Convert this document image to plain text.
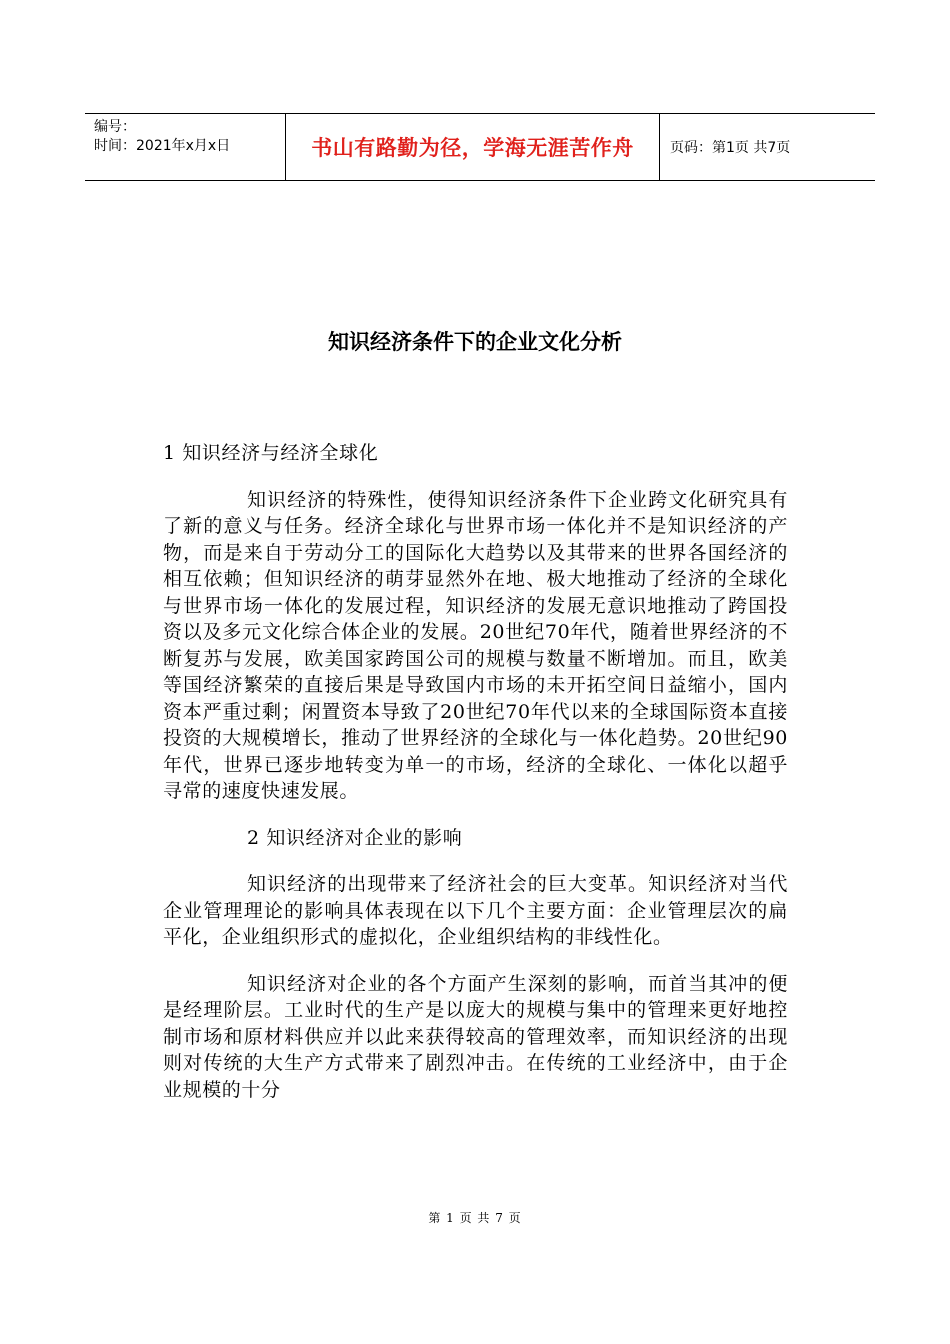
编号：
时间：2021年x月x日	书山有路勤为径，学海无涯苦作舟	页码：第1页 共7页
知识经济条件下的企业文化分析

1 知识经济与经济全球化

知识经济的特殊性，使得知识经济条件下企业跨文化研究具有了新的意义与任务。经济全球化与世界市场一体化并不是知识经济的产物，而是来自于劳动分工的国际化大趋势以及其带来的世界各国经济的相互依赖；但知识经济的萌芽显然外在地、极大地推动了经济的全球化与世界市场一体化的发展过程，知识经济的发展无意识地推动了跨国投资以及多元文化综合体企业的发展。20世纪70年代，随着世界经济的不断复苏与发展，欧美国家跨国公司的规模与数量不断增加。而且，欧美等国经济繁荣的直接后果是导致国内市场的未开拓空间日益缩小，国内资本严重过剩；闲置资本导致了20世纪70年代以来的全球国际资本直接投资的大规模增长，推动了世界经济的全球化与一体化趋势。20世纪90年代，世界已逐步地转变为单一的市场，经济的全球化、一体化以超乎寻常的速度快速发展。

2 知识经济对企业的影响

知识经济的出现带来了经济社会的巨大变革。知识经济对当代企业管理理论的影响具体表现在以下几个主要方面：企业管理层次的扁平化，企业组织形式的虚拟化，企业组织结构的非线性化。

知识经济对企业的各个方面产生深刻的影响，而首当其冲的便是经理阶层。工业时代的生产是以庞大的规模与集中的管理来更好地控制市场和原材料供应并以此来获得较高的管理效率，而知识经济的出现则对传统的大生产方式带来了剧烈冲击。在传统的工业经济中，由于企业规模的十分

第 1 页 共 7 页
